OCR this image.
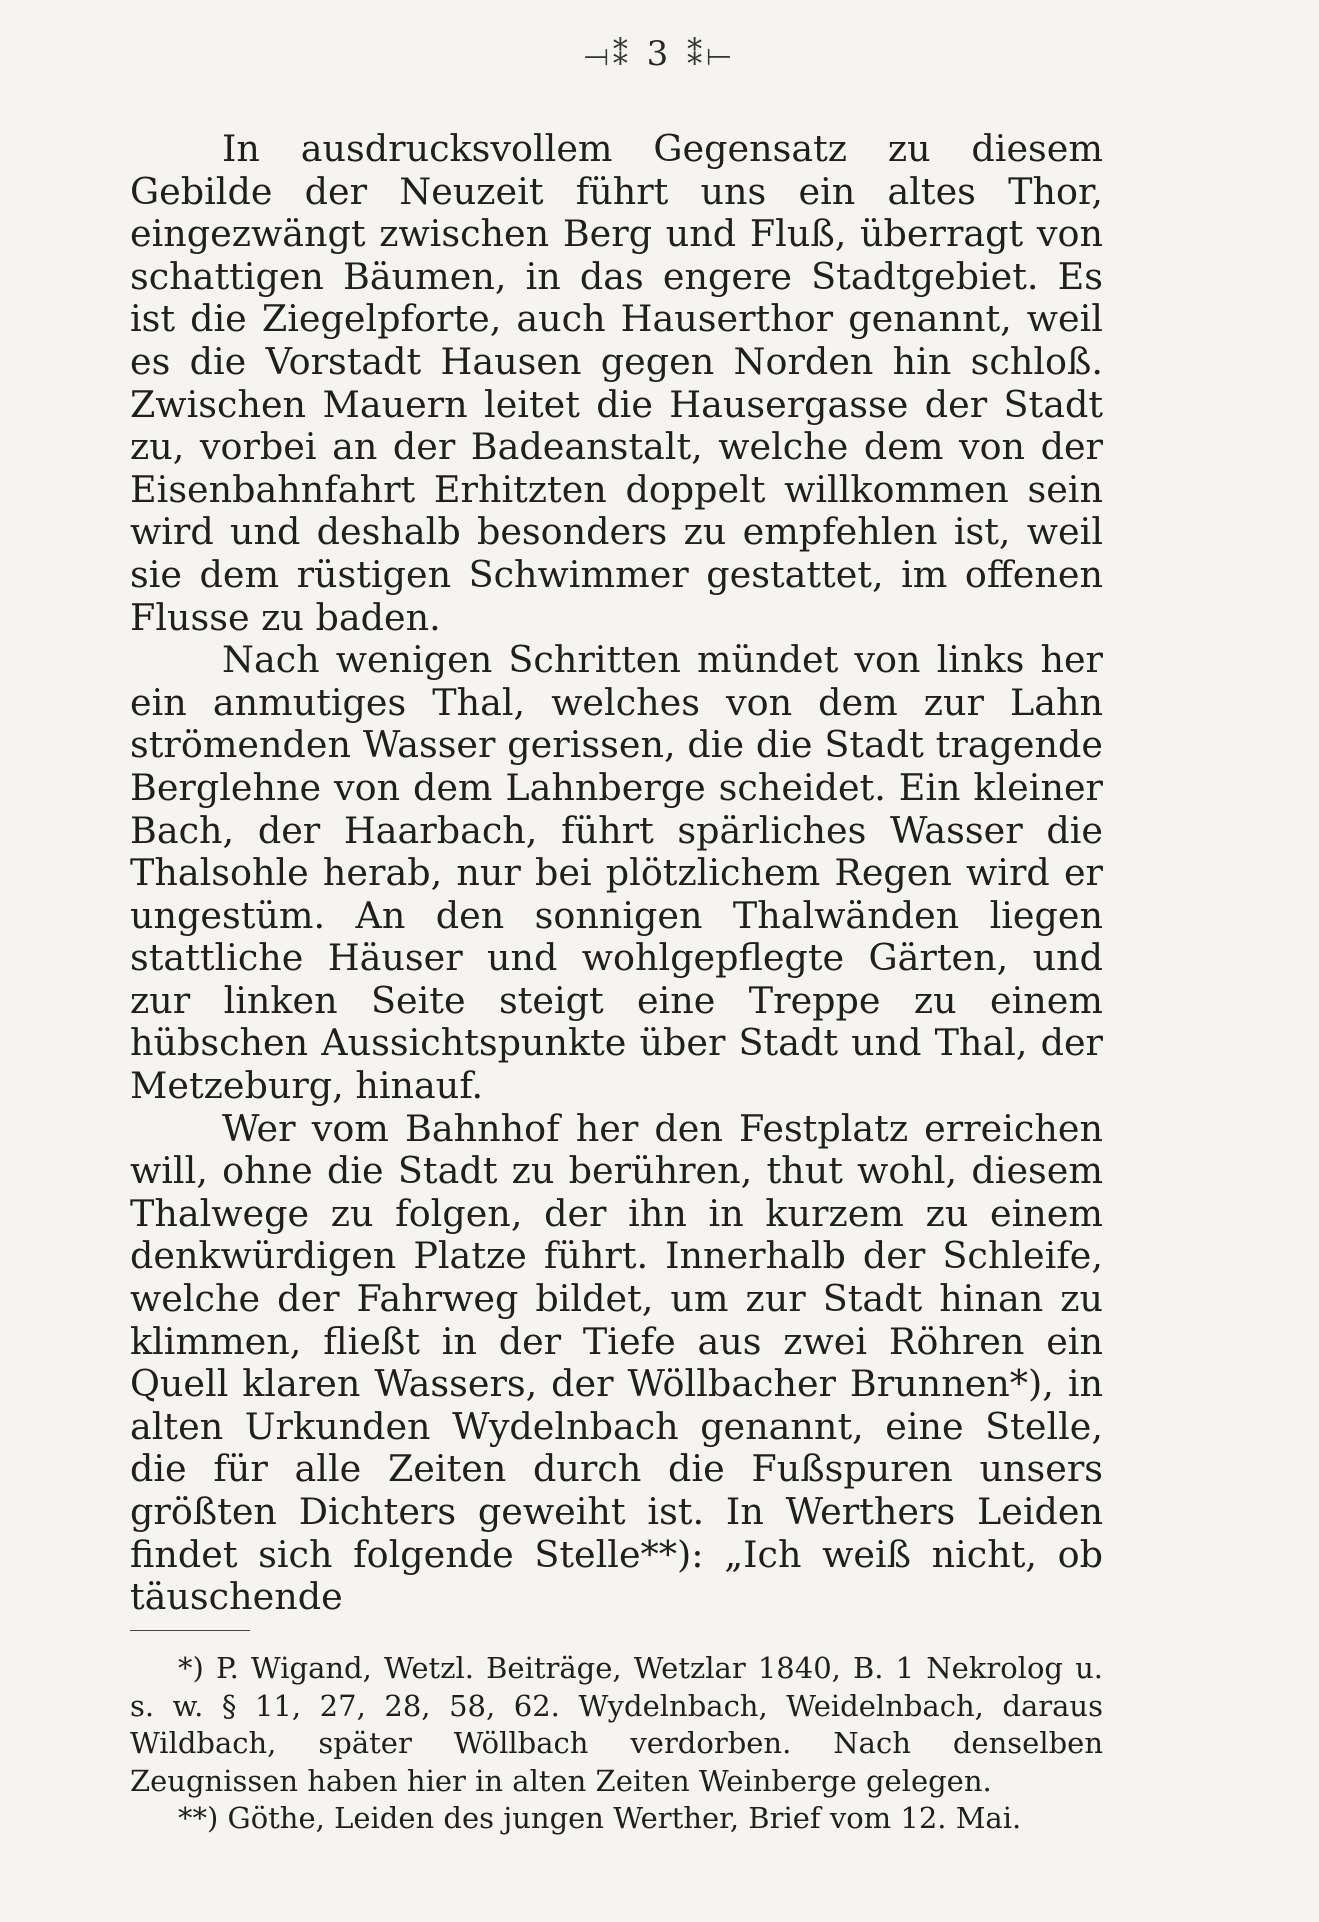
⟞⁑ 3 ⁑⟝

In ausdrucksvollem Gegensatz zu diesem Gebilde der Neuzeit führt uns ein altes Thor, eingezwängt zwischen Berg und Fluß, überragt von schattigen Bäumen, in das engere Stadtgebiet. Es ist die Ziegelpforte, auch Hauserthor genannt, weil es die Vorstadt Hausen gegen Norden hin schloß. Zwischen Mauern leitet die Hausergasse der Stadt zu, vorbei an der Badeanstalt, welche dem von der Eisenbahnfahrt Erhitzten doppelt willkommen sein wird und deshalb besonders zu empfehlen ist, weil sie dem rüstigen Schwimmer gestattet, im offenen Flusse zu baden.

Nach wenigen Schritten mündet von links her ein anmutiges Thal, welches von dem zur Lahn strömenden Wasser gerissen, die die Stadt tragende Berglehne von dem Lahnberge scheidet. Ein kleiner Bach, der Haarbach, führt spärliches Wasser die Thalsohle herab, nur bei plötzlichem Regen wird er ungestüm. An den sonnigen Thalwänden liegen stattliche Häuser und wohlgepflegte Gärten, und zur linken Seite steigt eine Treppe zu einem hübschen Aussichtspunkte über Stadt und Thal, der Metzeburg, hinauf.

Wer vom Bahnhof her den Festplatz erreichen will, ohne die Stadt zu berühren, thut wohl, diesem Thalwege zu folgen, der ihn in kurzem zu einem denkwürdigen Platze führt. Innerhalb der Schleife, welche der Fahrweg bildet, um zur Stadt hinan zu klimmen, fließt in der Tiefe aus zwei Röhren ein Quell klaren Wassers, der Wöllbacher Brunnen*), in alten Urkunden Wydelnbach genannt, eine Stelle, die für alle Zeiten durch die Fußspuren unsers größten Dichters geweiht ist. In Werthers Leiden findet sich folgende Stelle**): „Ich weiß nicht, ob täuschende

*) P. Wigand, Wetzl. Beiträge, Wetzlar 1840, B. 1 Nekrolog u. s. w. § 11, 27, 28, 58, 62. Wydelnbach, Weidelnbach, daraus Wildbach, später Wöllbach verdorben. Nach denselben Zeugnissen haben hier in alten Zeiten Weinberge gelegen.

**) Göthe, Leiden des jungen Werther, Brief vom 12. Mai.
